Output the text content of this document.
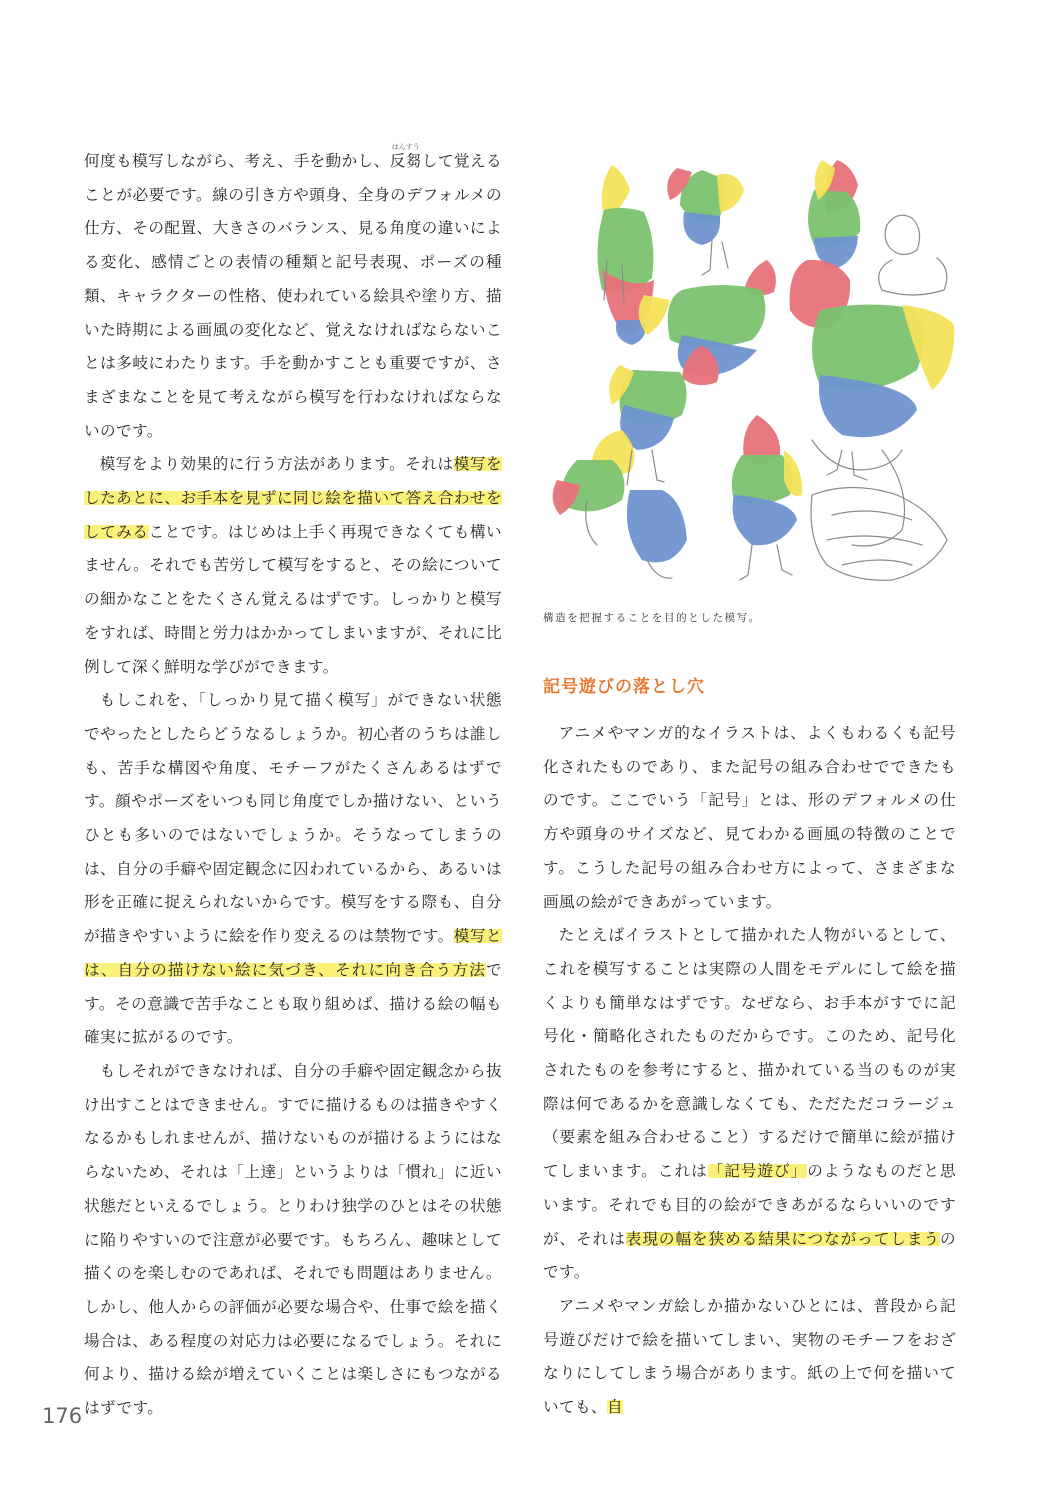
何度も模写しながら、考え、手を動かし、反芻
はんすう
して覚えることが必要です。線の引き方や頭身、全身のデフォルメの仕方、その配置、大きさのバランス、見る角度の違いによる変化、感情ごとの表情の種類と記号表現、ポーズの種類、キャラクターの性格、使われている絵具や塗り方、描いた時期による画風の変化など、覚えなければならないことは多岐にわたります。手を動かすことも重要ですが、さまざまなことを見て考えながら模写を行わなければならないのです。

模写をより効果的に行う方法があります。それは模写をしたあとに、お手本を見ずに同じ絵を描いて答え合わせをしてみることです。はじめは上手く再現できなくても構いません。それでも苦労して模写をすると、その絵についての細かなことをたくさん覚えるはずです。しっかりと模写をすれば、時間と労力はかかってしまいますが、それに比例して深く鮮明な学びができます。

もしこれを、「しっかり見て描く模写」ができない状態でやったとしたらどうなるしょうか。初心者のうちは誰しも、苦手な構図や角度、モチーフがたくさんあるはずです。顔やポーズをいつも同じ角度でしか描けない、というひとも多いのではないでしょうか。そうなってしまうのは、自分の手癖や固定観念に囚われているから、あるいは形を正確に捉えられないからです。模写をする際も、自分が描きやすいように絵を作り変えるのは禁物です。模写とは、自分の描けない絵に気づき、それに向き合う方法です。その意識で苦手なことも取り組めば、描ける絵の幅も確実に拡がるのです。

もしそれができなければ、自分の手癖や固定観念から抜け出すことはできません。すでに描けるものは描きやすくなるかもしれませんが、描けないものが描けるようにはならないため、それは「上達」というよりは「慣れ」に近い状態だといえるでしょう。とりわけ独学のひとはその状態に陥りやすいので注意が必要です。もちろん、趣味として描くのを楽しむのであれば、それでも問題はありません。しかし、他人からの評価が必要な場合や、仕事で絵を描く場合は、ある程度の対応力は必要になるでしょう。それに何より、描ける絵が増えていくことは楽しさにもつながるはずです。

構造を把握することを目的とした模写。
記号遊びの落とし穴

アニメやマンガ的なイラストは、よくもわるくも記号化されたものであり、また記号の組み合わせでできたものです。ここでいう「記号」とは、形のデフォルメの仕方や頭身のサイズなど、見てわかる画風の特徴のことです。こうした記号の組み合わせ方によって、さまざまな画風の絵ができあがっています。

たとえばイラストとして描かれた人物がいるとして、これを模写することは実際の人間をモデルにして絵を描くよりも簡単なはずです。なぜなら、お手本がすでに記号化・簡略化されたものだからです。このため、記号化されたものを参考にすると、描かれている当のものが実際は何であるかを意識しなくても、ただただコラージュ（要素を組み合わせること）するだけで簡単に絵が描けてしまいます。これは「記号遊び」のようなものだと思います。それでも目的の絵ができあがるならいいのですが、それは表現の幅を狭める結果につながってしまうのです。

アニメやマンガ絵しか描かないひとには、普段から記号遊びだけで絵を描いてしまい、実物のモチーフをおざなりにしてしまう場合があります。紙の上で何を描いていても、自

176
